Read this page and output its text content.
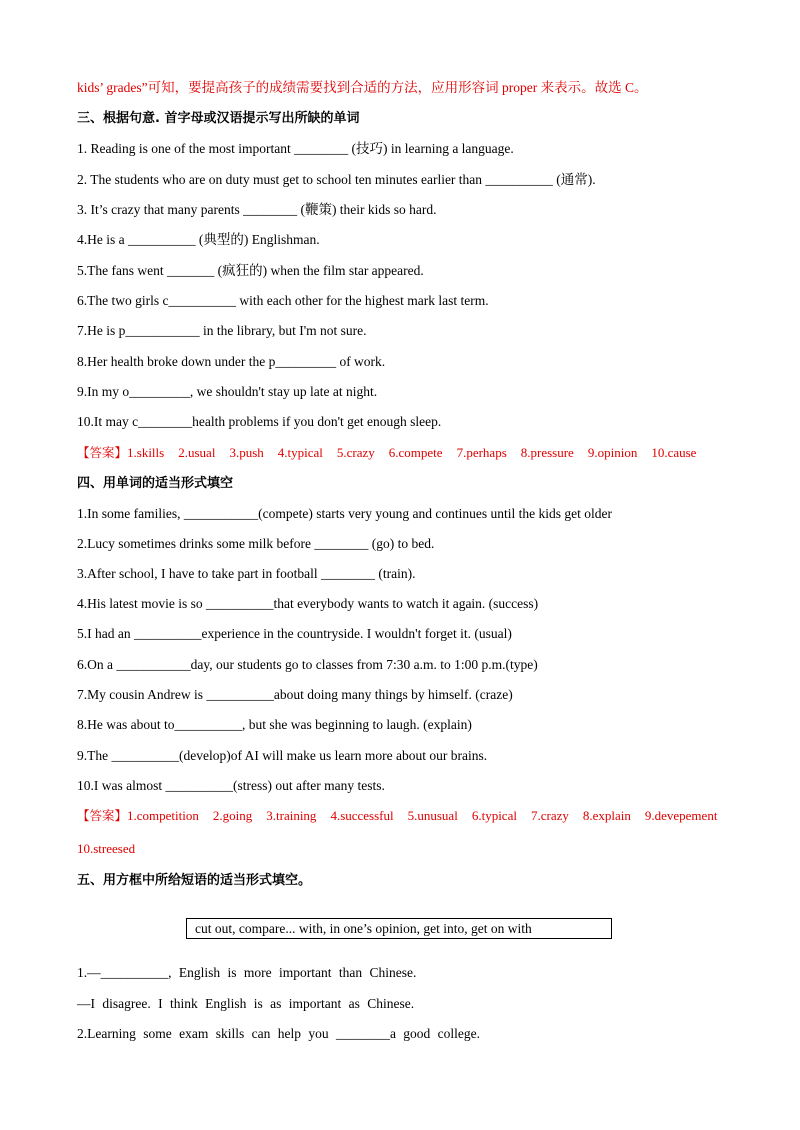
kids’ grades”可知，要提高孩子的成绩需要找到合适的方法，应用形容词 proper 来表示。故选 C。
三、根据句意. 首字母或汉语提示写出所缺的单词
1. Reading is one of the most important ________ (技巧) in learning a language.
2. The students who are on duty must get to school ten minutes earlier than __________ (通常).
3. It’s crazy that many parents ________ (鞭策) their kids so hard.
4.He is a __________ (典型的) Englishman.
5.The fans went _______ (疯狂的) when the film star appeared.
6.The two girls c__________ with each other for the highest mark last term.
7.He is p___________ in the library, but I'm not sure.
8.Her health broke down under the p_________ of work.
9.In my o_________, we shouldn't stay up late at night.
10.It may c________health problems if you don't get enough sleep.
【答案】1.skills 2.usual 3.push 4.typical 5.crazy 6.compete 7.perhaps 8.pressure 9.opinion 10.cause
四、用单词的适当形式填空
1.In some families, ___________(compete) starts very young and continues until the kids get older
2.Lucy sometimes drinks some milk before ________ (go) to bed.
3.After school, I have to take part in football ________ (train).
4.His latest movie is so __________that everybody wants to watch it again. (success)
5.I had an __________experience in the countryside. I wouldn't forget it. (usual)
6.On a ___________day, our students go to classes from 7:30 a.m. to 1:00 p.m.(type)
7.My cousin Andrew is __________about doing many things by himself. (craze)
8.He was about to__________, but she was beginning to laugh. (explain)
9.The __________(develop)of AI will make us learn more about our brains.
10.I was almost __________(stress) out after many tests.
【答案】1.competition 2.going 3.training 4.successful 5.unusual 6.typical 7.crazy 8.explain 9.devepement
10.streesed
五、用方框中所给短语的适当形式填空。
cut out, compare... with, in one’s opinion, get into, get on with
1.—__________, English is more important than Chinese.
—I disagree. I think English is as important as Chinese.
2.Learning some exam skills can help you ________a good college.
